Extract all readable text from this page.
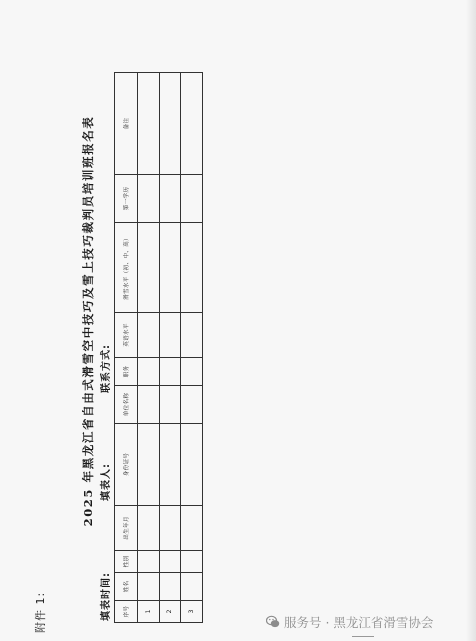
附件 1:
2025 年黑龙江省自由式滑雪空中技巧及雪上技巧裁判员培训班报名表
填表时间:
填表人:
联系方式:
序号	姓名	性别	出生年月	身份证号	单位名称	职务	英语水平	滑雪水平（初、中、高）	第一学历	备注
1										
2										
3										
服务号 · 黑龙江省滑雪协会
